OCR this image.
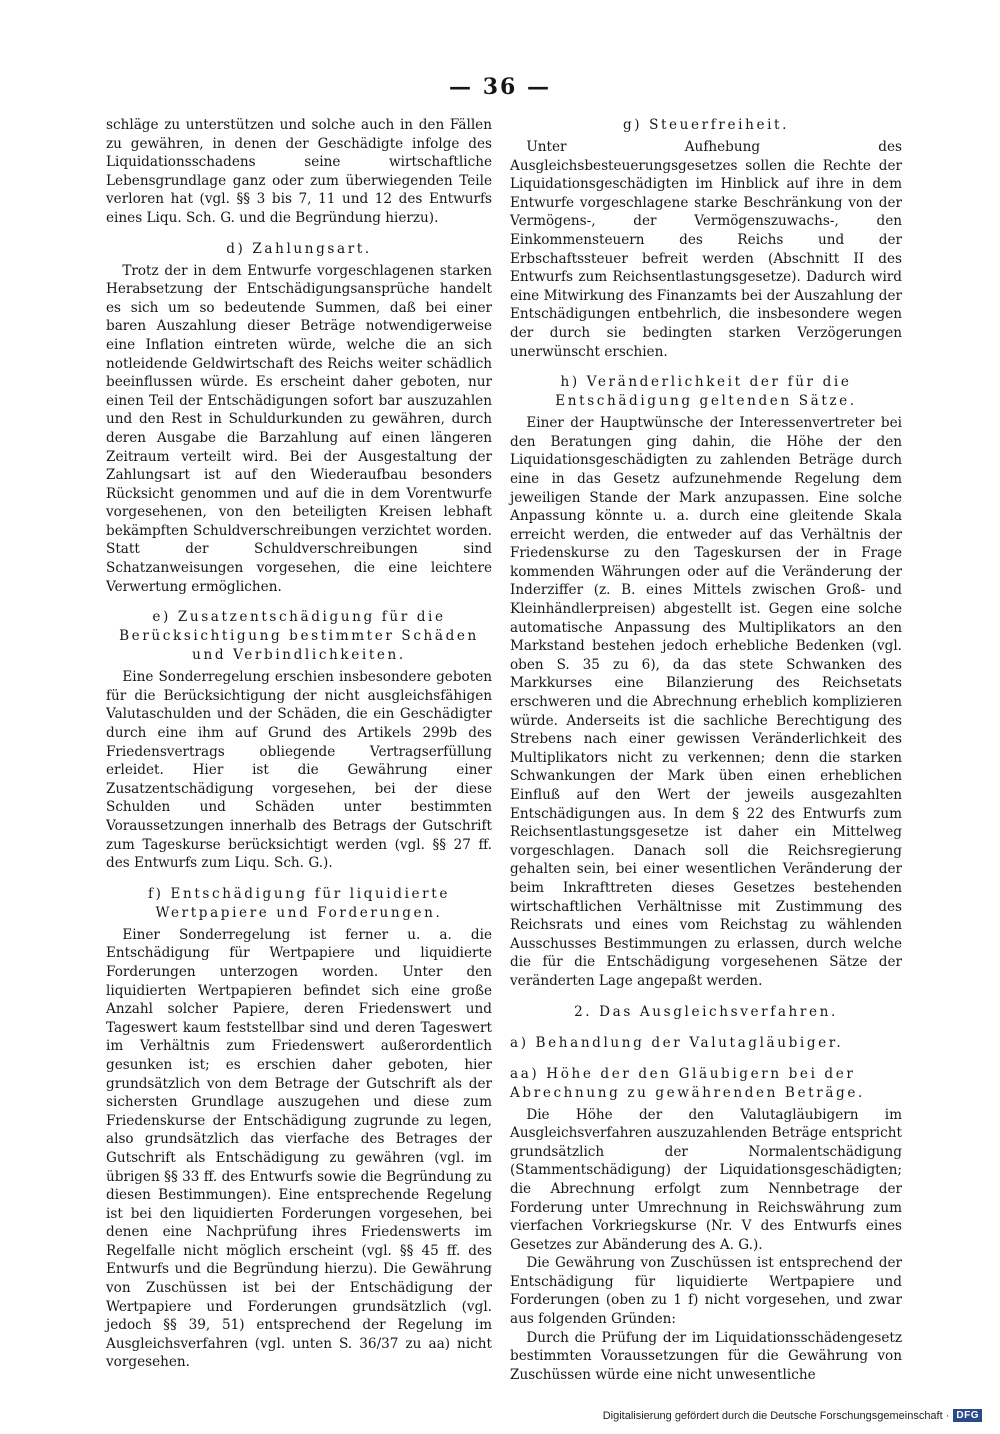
— 36 —

schläge zu unterstützen und solche auch in den Fällen zu gewähren, in denen der Geschädigte infolge des Liquidationsschadens seine wirtschaftliche Lebensgrundlage ganz oder zum überwiegenden Teile verloren hat (vgl. §§ 3 bis 7, 11 und 12 des Entwurfs eines Liqu. Sch. G. und die Begründung hierzu).

d) Zahlungsart.

Trotz der in dem Entwurfe vorgeschlagenen starken Herabsetzung der Entschädigungsansprüche handelt es sich um so bedeutende Summen, daß bei einer baren Auszahlung dieser Beträge notwendigerweise eine Inflation eintreten würde, welche die an sich notleidende Geldwirtschaft des Reichs weiter schädlich beeinflussen würde. Es erscheint daher geboten, nur einen Teil der Entschädigungen sofort bar auszuzahlen und den Rest in Schuldurkunden zu gewähren, durch deren Ausgabe die Barzahlung auf einen längeren Zeitraum verteilt wird. Bei der Ausgestaltung der Zahlungsart ist auf den Wiederaufbau besonders Rücksicht genommen und auf die in dem Vorentwurfe vorgesehenen, von den beteiligten Kreisen lebhaft bekämpften Schuldverschreibungen verzichtet worden. Statt der Schuldverschreibungen sind Schatzanweisungen vorgesehen, die eine leichtere Verwertung ermöglichen.

e) Zusatzentschädigung für die Berücksichtigung bestimmter Schäden und Verbindlichkeiten.

Eine Sonderregelung erschien insbesondere geboten für die Berücksichtigung der nicht ausgleichsfähigen Valutaschulden und der Schäden, die ein Geschädigter durch eine ihm auf Grund des Artikels 299b des Friedensvertrags obliegende Vertragserfüllung erleidet. Hier ist die Gewährung einer Zusatzentschädigung vorgesehen, bei der diese Schulden und Schäden unter bestimmten Voraussetzungen innerhalb des Betrags der Gutschrift zum Tageskurse berücksichtigt werden (vgl. §§ 27 ff. des Entwurfs zum Liqu. Sch. G.).

f) Entschädigung für liquidierte Wertpapiere und Forderungen.

Einer Sonderregelung ist ferner u. a. die Entschädigung für Wertpapiere und liquidierte Forderungen unterzogen worden. Unter den liquidierten Wertpapieren befindet sich eine große Anzahl solcher Papiere, deren Friedenswert und Tageswert kaum feststellbar sind und deren Tageswert im Verhältnis zum Friedenswert außerordentlich gesunken ist; es erschien daher geboten, hier grundsätzlich von dem Betrage der Gutschrift als der sichersten Grundlage auszugehen und diese zum Friedenskurse der Entschädigung zugrunde zu legen, also grundsätzlich das vierfache des Betrages der Gutschrift als Entschädigung zu gewähren (vgl. im übrigen §§ 33 ff. des Entwurfs sowie die Begründung zu diesen Bestimmungen). Eine entsprechende Regelung ist bei den liquidierten Forderungen vorgesehen, bei denen eine Nachprüfung ihres Friedenswerts im Regelfalle nicht möglich erscheint (vgl. §§ 45 ff. des Entwurfs und die Begründung hierzu). Die Gewährung von Zuschüssen ist bei der Entschädigung der Wertpapiere und Forderungen grundsätzlich (vgl. jedoch §§ 39, 51) entsprechend der Regelung im Ausgleichsverfahren (vgl. unten S. 36/37 zu aa) nicht vorgesehen.

g) Steuerfreiheit.

Unter Aufhebung des Ausgleichsbesteuerungsgesetzes sollen die Rechte der Liquidationsgeschädigten im Hinblick auf ihre in dem Entwurfe vorgeschlagene starke Beschränkung von der Vermögens-, der Vermögenszuwachs-, den Einkommensteuern des Reichs und der Erbschaftssteuer befreit werden (Abschnitt II des Entwurfs zum Reichsentlastungsgesetze). Dadurch wird eine Mitwirkung des Finanzamts bei der Auszahlung der Entschädigungen entbehrlich, die insbesondere wegen der durch sie bedingten starken Verzögerungen unerwünscht erschien.

h) Veränderlichkeit der für die Entschädigung geltenden Sätze.

Einer der Hauptwünsche der Interessenvertreter bei den Beratungen ging dahin, die Höhe der den Liquidationsgeschädigten zu zahlenden Beträge durch eine in das Gesetz aufzunehmende Regelung dem jeweiligen Stande der Mark anzupassen. Eine solche Anpassung könnte u. a. durch eine gleitende Skala erreicht werden, die entweder auf das Verhältnis der Friedenskurse zu den Tageskursen der in Frage kommenden Währungen oder auf die Veränderung der Inderziffer (z. B. eines Mittels zwischen Groß- und Kleinhändlerpreisen) abgestellt ist. Gegen eine solche automatische Anpassung des Multiplikators an den Markstand bestehen jedoch erhebliche Bedenken (vgl. oben S. 35 zu 6), da das stete Schwanken des Markkurses eine Bilanzierung des Reichsetats erschweren und die Abrechnung erheblich komplizieren würde. Anderseits ist die sachliche Berechtigung des Strebens nach einer gewissen Veränderlichkeit des Multiplikators nicht zu verkennen; denn die starken Schwankungen der Mark üben einen erheblichen Einfluß auf den Wert der jeweils ausgezahlten Entschädigungen aus. In dem § 22 des Entwurfs zum Reichsentlastungsgesetze ist daher ein Mittelweg vorgeschlagen. Danach soll die Reichsregierung gehalten sein, bei einer wesentlichen Veränderung der beim Inkrafttreten dieses Gesetzes bestehenden wirtschaftlichen Verhältnisse mit Zustimmung des Reichsrats und eines vom Reichstag zu wählenden Ausschusses Bestimmungen zu erlassen, durch welche die für die Entschädigung vorgesehenen Sätze der veränderten Lage angepaßt werden.

2. Das Ausgleichsverfahren.
a) Behandlung der Valutagläubiger.
aa) Höhe der den Gläubigern bei der Abrechnung zu gewährenden Beträge.

Die Höhe der den Valutagläubigern im Ausgleichsverfahren auszuzahlenden Beträge entspricht grundsätzlich der Normalentschädigung (Stammentschädigung) der Liquidationsgeschädigten; die Abrechnung erfolgt zum Nennbetrage der Forderung unter Umrechnung in Reichswährung zum vierfachen Vorkriegskurse (Nr. V des Entwurfs eines Gesetzes zur Abänderung des A. G.).

Die Gewährung von Zuschüssen ist entsprechend der Entschädigung für liquidierte Wertpapiere und Forderungen (oben zu 1 f) nicht vorgesehen, und zwar aus folgenden Gründen:

Durch die Prüfung der im Liquidationsschädengesetz bestimmten Voraussetzungen für die Gewährung von Zuschüssen würde eine nicht unwesentliche

Digitalisierung gefördert durch die Deutsche Forschungsgemeinschaft · DFG
